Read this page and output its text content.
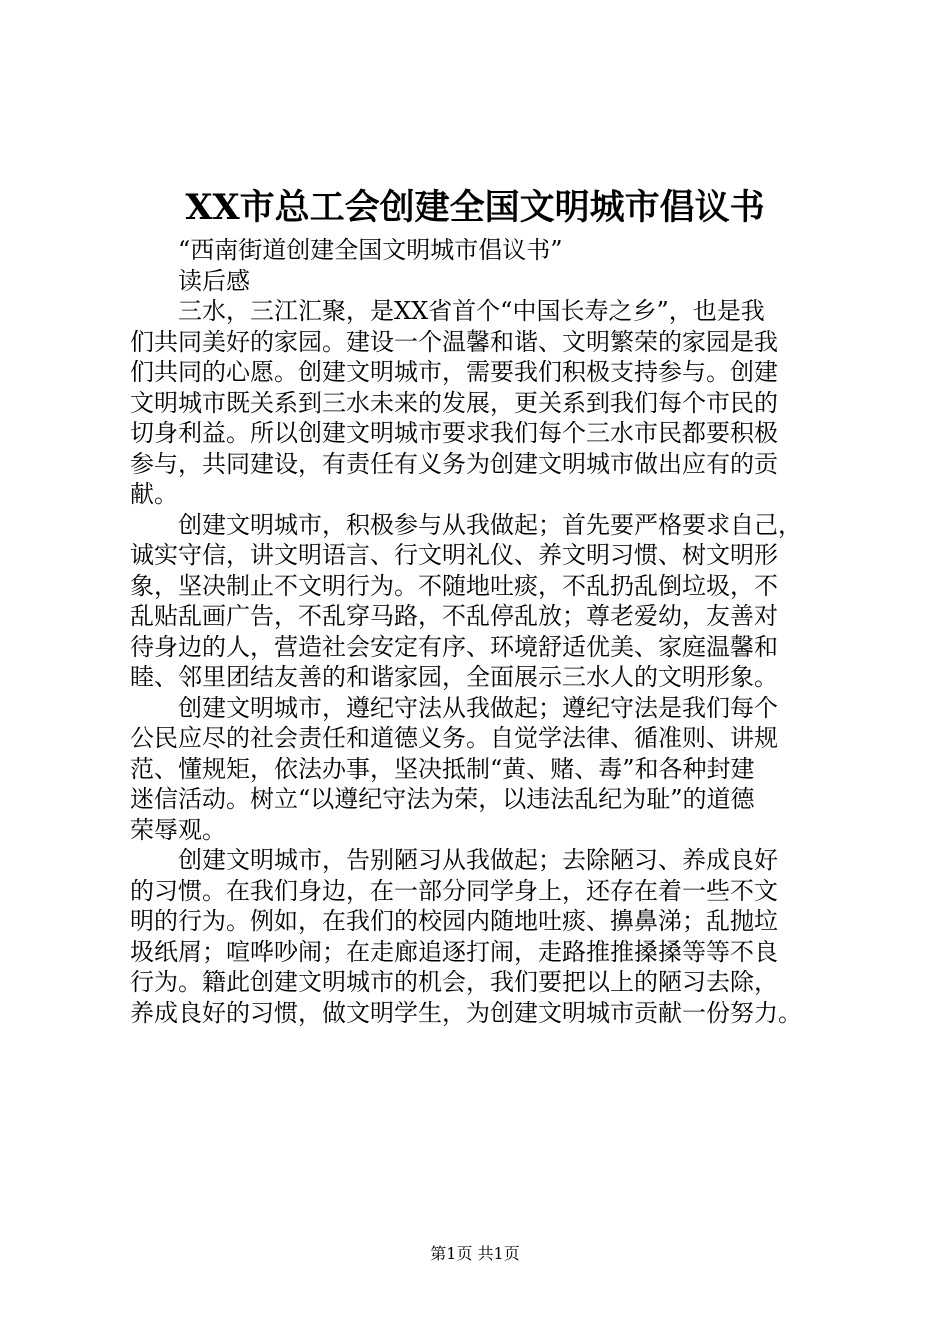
XX市总工会创建全国文明城市倡议书
“西南街道创建全国文明城市倡议书”
读后感
三水，三江汇聚，是XX省首个“中国长寿之乡”，也是我
们共同美好的家园。建设一个温馨和谐、文明繁荣的家园是我
们共同的心愿。创建文明城市，需要我们积极支持参与。创建
文明城市既关系到三水未来的发展，更关系到我们每个市民的
切身利益。所以创建文明城市要求我们每个三水市民都要积极
参与，共同建设，有责任有义务为创建文明城市做出应有的贡
献。
创建文明城市，积极参与从我做起；首先要严格要求自己，
诚实守信，讲文明语言、行文明礼仪、养文明习惯、树文明形
象，坚决制止不文明行为。不随地吐痰，不乱扔乱倒垃圾，不
乱贴乱画广告，不乱穿马路，不乱停乱放；尊老爱幼，友善对
待身边的人，营造社会安定有序、环境舒适优美、家庭温馨和
睦、邻里团结友善的和谐家园，全面展示三水人的文明形象。
创建文明城市，遵纪守法从我做起；遵纪守法是我们每个
公民应尽的社会责任和道德义务。自觉学法律、循准则、讲规
范、懂规矩，依法办事，坚决抵制“黄、赌、毒”和各种封建
迷信活动。树立“以遵纪守法为荣，以违法乱纪为耻”的道德
荣辱观。
创建文明城市，告别陋习从我做起；去除陋习、养成良好
的习惯。在我们身边，在一部分同学身上，还存在着一些不文
明的行为。例如，在我们的校园内随地吐痰、擤鼻涕；乱抛垃
圾纸屑；喧哗吵闹；在走廊追逐打闹，走路推推搡搡等等不良
行为。籍此创建文明城市的机会，我们要把以上的陋习去除，
养成良好的习惯，做文明学生，为创建文明城市贡献一份努力。
第1页 共1页
